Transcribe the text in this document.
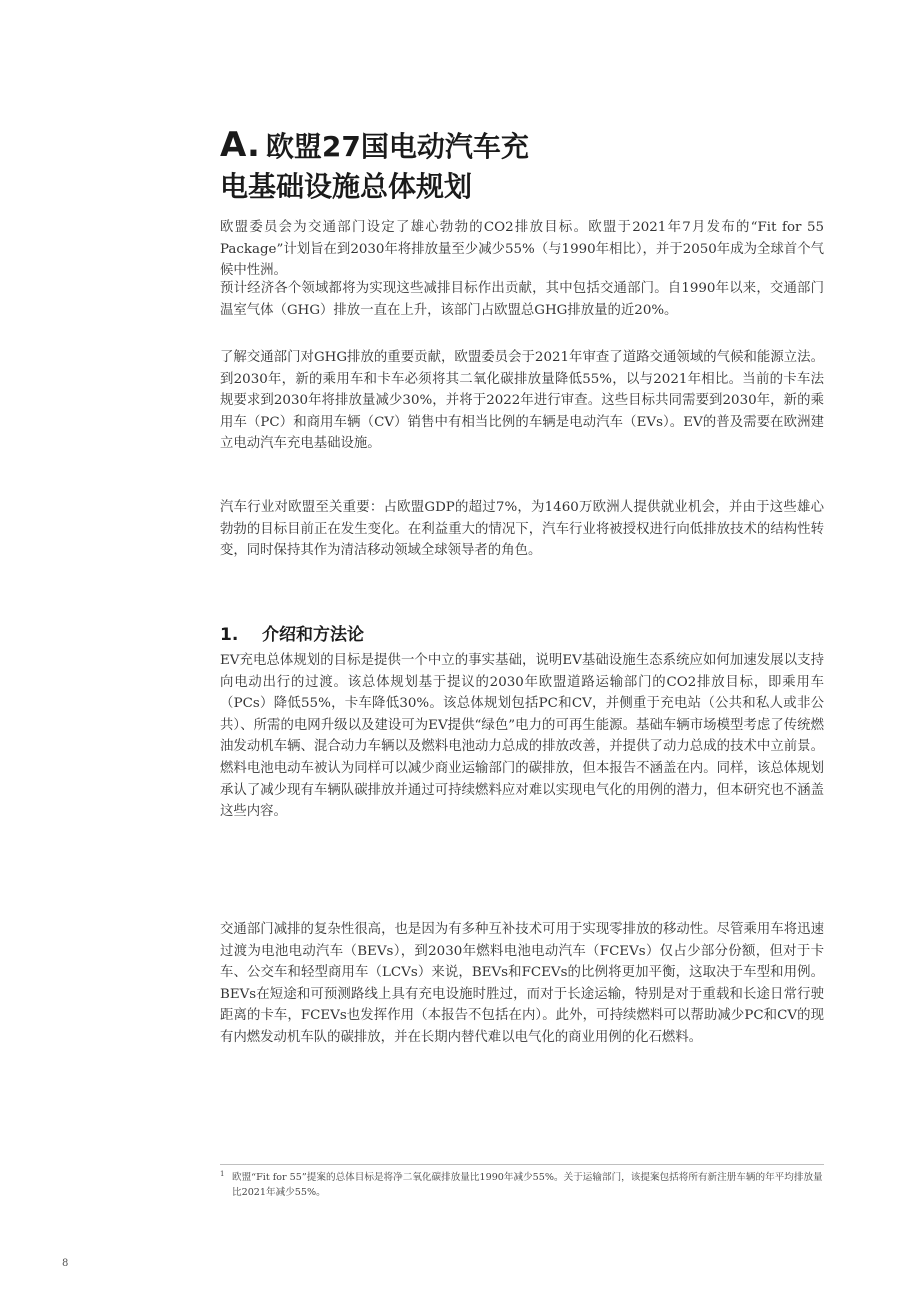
A. 欧盟27国电动汽车充
电基础设施总体规划

欧盟委员会为交通部门设定了雄心勃勃的CO2排放目标。欧盟于2021年7月发布的“Fit for 55 Package”计划旨在到2030年将排放量至少减少55%（与1990年相比），并于2050年成为全球首个气候中性洲。

预计经济各个领域都将为实现这些减排目标作出贡献，其中包括交通部门。自1990年以来，交通部门温室气体（GHG）排放一直在上升，该部门占欧盟总GHG排放量的近20%。

了解交通部门对GHG排放的重要贡献，欧盟委员会于2021年审查了道路交通领域的气候和能源立法。到2030年，新的乘用车和卡车必须将其二氧化碳排放量降低55%，以与2021年相比。当前的卡车法规要求到2030年将排放量减少30%，并将于2022年进行审查。这些目标共同需要到2030年，新的乘用车（PC）和商用车辆（CV）销售中有相当比例的车辆是电动汽车（EVs）。EV的普及需要在欧洲建立电动汽车充电基础设施。

汽车行业对欧盟至关重要：占欧盟GDP的超过7%，为1460万欧洲人提供就业机会，并由于这些雄心勃勃的目标目前正在发生变化。在利益重大的情况下，汽车行业将被授权进行向低排放技术的结构性转变，同时保持其作为清洁移动领域全球领导者的角色。

1. 介绍和方法论

EV充电总体规划的目标是提供一个中立的事实基础，说明EV基础设施生态系统应如何加速发展以支持向电动出行的过渡。该总体规划基于提议的2030年欧盟道路运输部门的CO2排放目标，即乘用车（PCs）降低55%，卡车降低30%。该总体规划包括PC和CV，并侧重于充电站（公共和私人或非公共）、所需的电网升级以及建设可为EV提供“绿色”电力的可再生能源。基础车辆市场模型考虑了传统燃油发动机车辆、混合动力车辆以及燃料电池动力总成的排放改善，并提供了动力总成的技术中立前景。燃料电池电动车被认为同样可以减少商业运输部门的碳排放，但本报告不涵盖在内。同样，该总体规划承认了减少现有车辆队碳排放并通过可持续燃料应对难以实现电气化的用例的潜力，但本研究也不涵盖这些内容。

交通部门减排的复杂性很高，也是因为有多种互补技术可用于实现零排放的移动性。尽管乘用车将迅速过渡为电池电动汽车（BEVs），到2030年燃料电池电动汽车（FCEVs）仅占少部分份额，但对于卡车、公交车和轻型商用车（LCVs）来说，BEVs和FCEVs的比例将更加平衡，这取决于车型和用例。BEVs在短途和可预测路线上具有充电设施时胜过，而对于长途运输，特别是对于重载和长途日常行驶距离的卡车，FCEVs也发挥作用（本报告不包括在内）。此外，可持续燃料可以帮助减少PC和CV的现有内燃发动机车队的碳排放，并在长期内替代难以电气化的商业用例的化石燃料。

1 欧盟“Fit for 55”提案的总体目标是将净二氧化碳排放量比1990年减少55%。关于运输部门，该提案包括将所有新注册车辆的年平均排放量比2021年减少55%。
8
